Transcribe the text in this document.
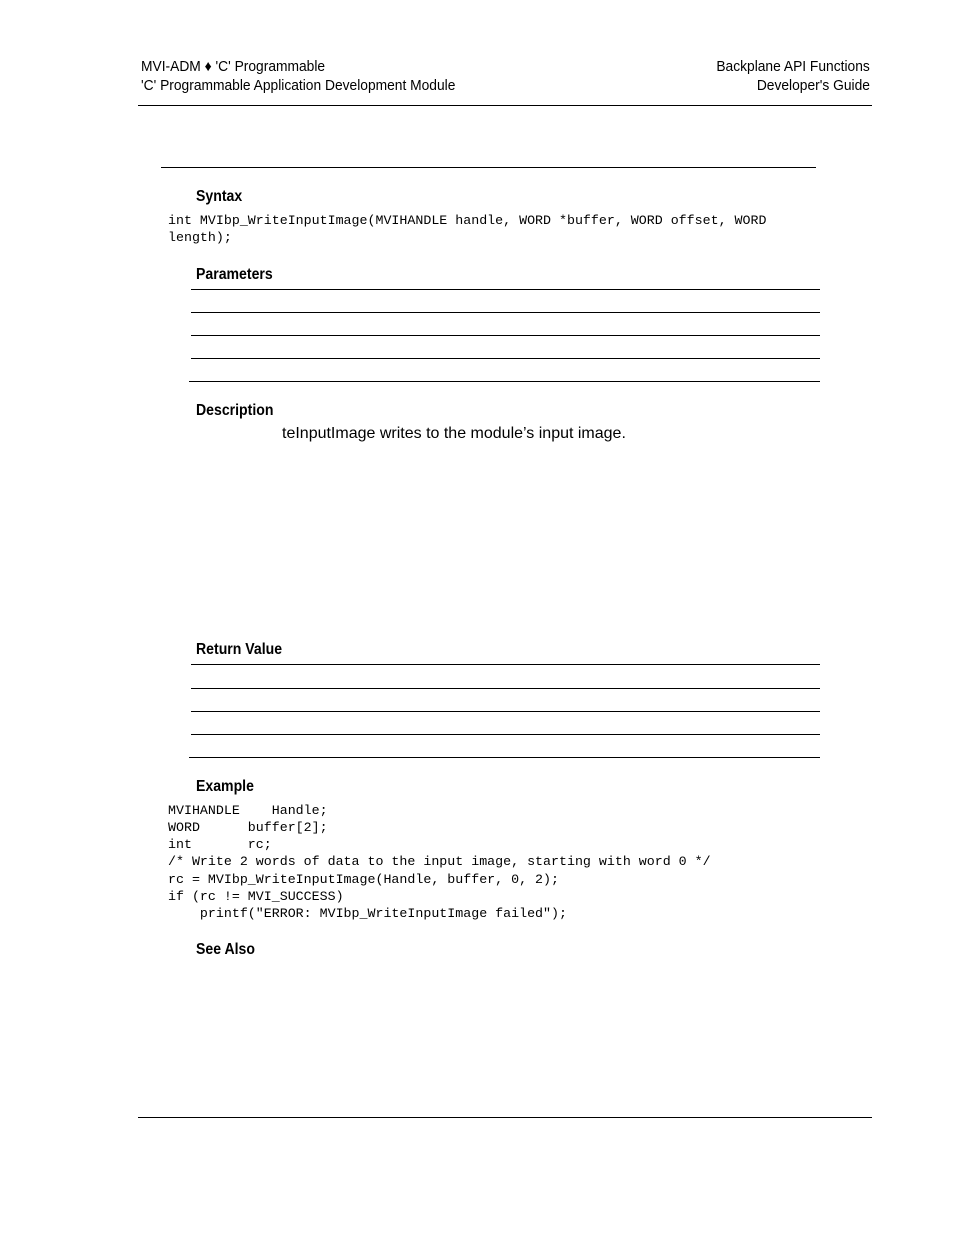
MVI-ADM ♦ 'C' Programmable
'C' Programmable Application Development Module
Backplane API Functions
Developer's Guide
Syntax
int MVIbp_WriteInputImage(MVIHANDLE handle, WORD *buffer, WORD offset, WORD
length);
Parameters
Description
teInputImage writes to the module’s input image.
Return Value
Example
MVIHANDLE    Handle;
WORD      buffer[2];
int       rc;
/* Write 2 words of data to the input image, starting with word 0 */
rc = MVIbp_WriteInputImage(Handle, buffer, 0, 2);
if (rc != MVI_SUCCESS)
printf("ERROR: MVIbp_WriteInputImage failed");
See Also
